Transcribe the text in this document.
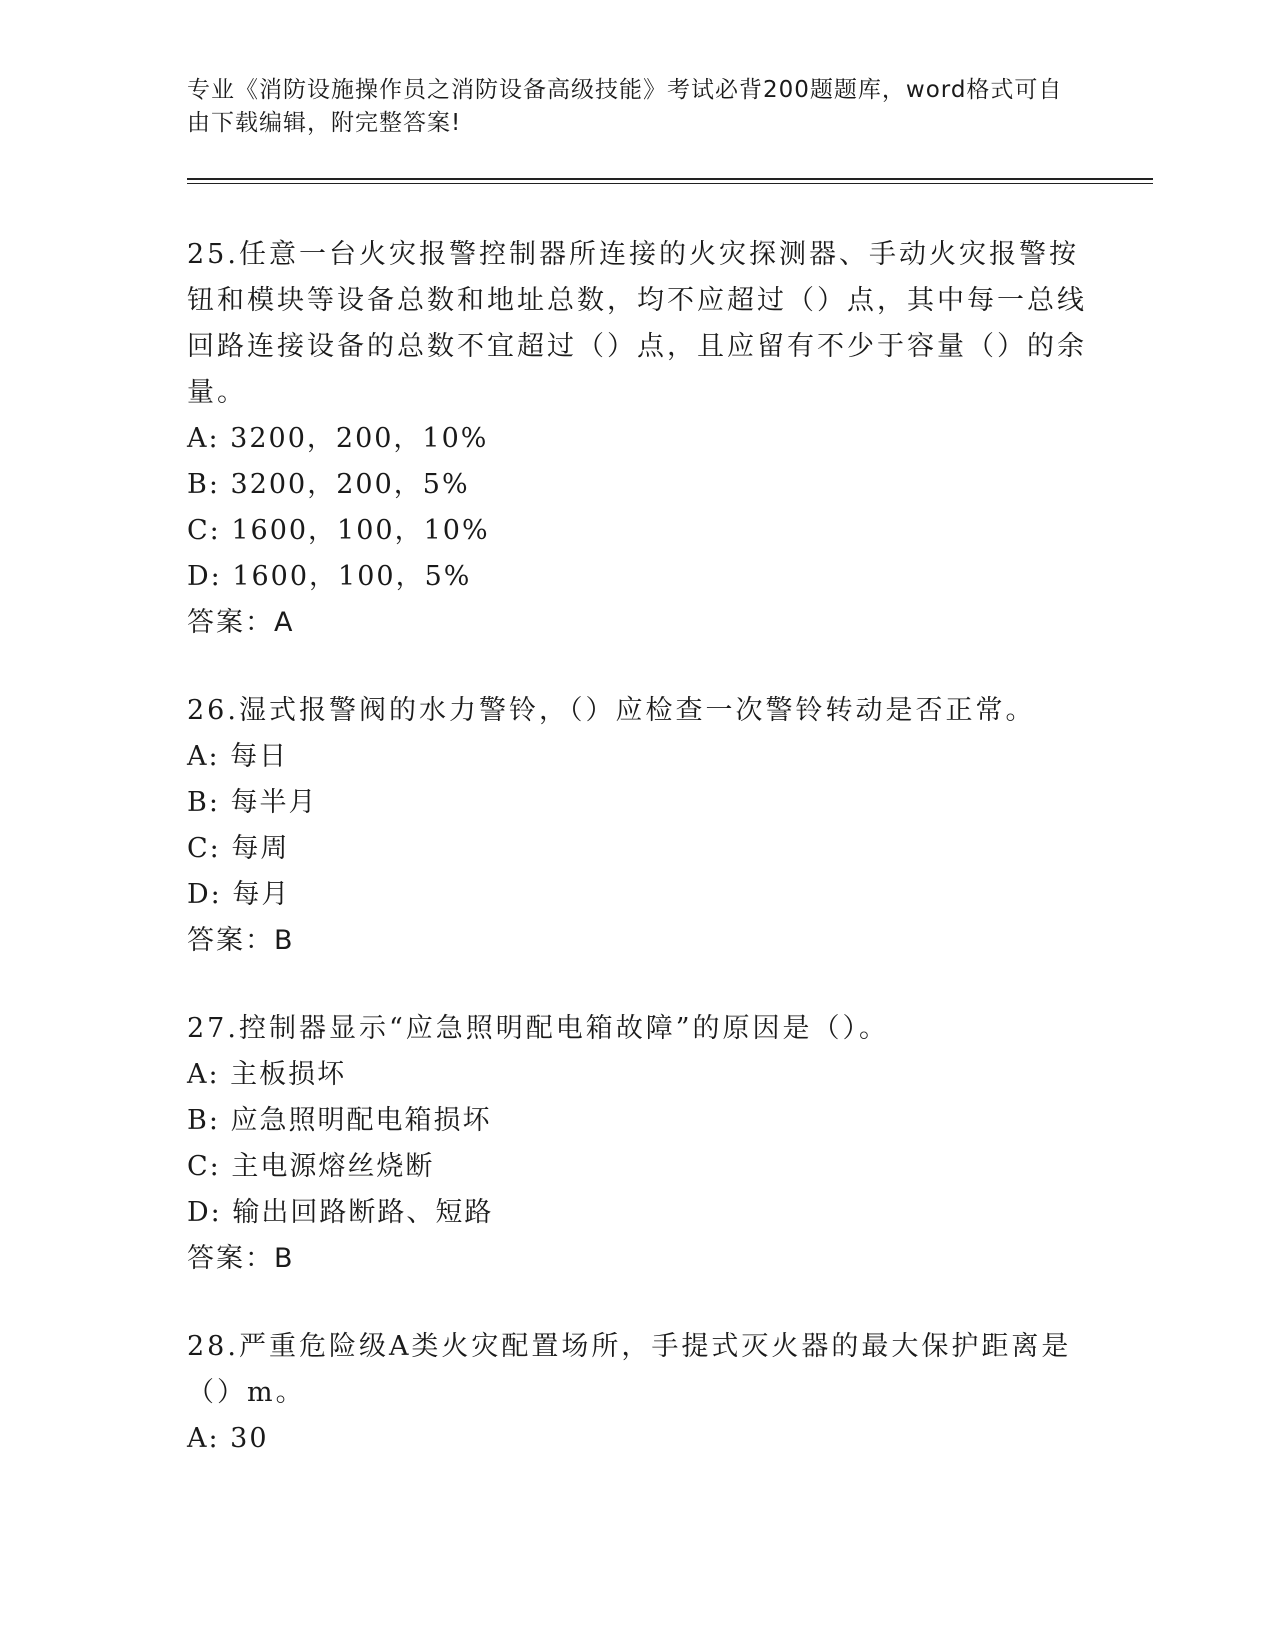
专业《消防设施操作员之消防设备高级技能》考试必背200题题库，word格式可自由下载编辑，附完整答案!

25.任意一台火灾报警控制器所连接的火灾探测器、手动火灾报警按钮和模块等设备总数和地址总数，均不应超过（）点，其中每一总线回路连接设备的总数不宜超过（）点，且应留有不少于容量（）的余量。

A: 3200，200，10%

B: 3200，200，5%

C: 1600，100，10%

D: 1600，100，5%

答案：A

26.湿式报警阀的水力警铃，（）应检查一次警铃转动是否正常。

A: 每日

B: 每半月

C: 每周

D: 每月

答案：B

27.控制器显示“应急照明配电箱故障”的原因是（）。

A: 主板损坏

B: 应急照明配电箱损坏

C: 主电源熔丝烧断

D: 输出回路断路、短路

答案：B

28.严重危险级A类火灾配置场所，手提式灭火器的最大保护距离是（）m。

A: 30
